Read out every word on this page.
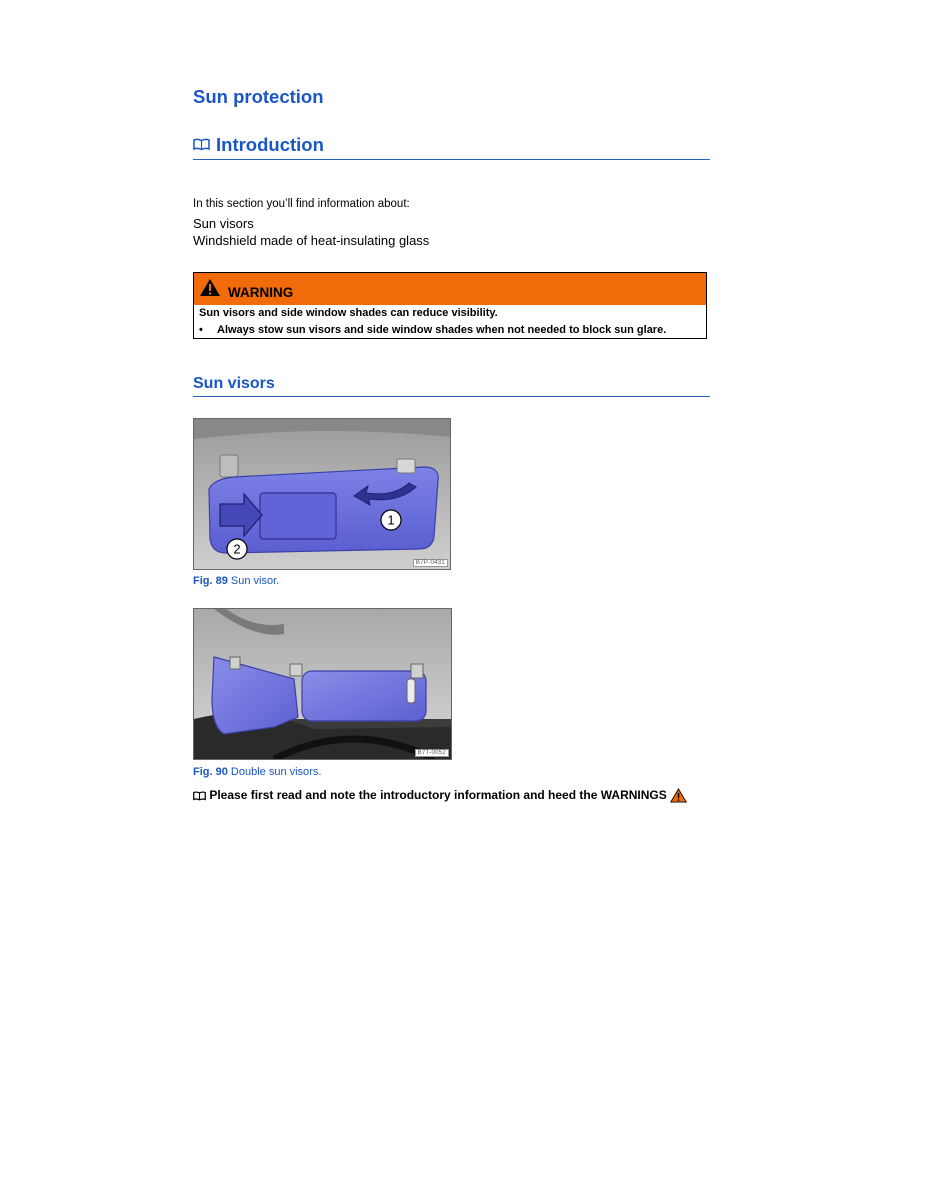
Sun protection
Introduction
In this section you’ll find information about:
Sun visors
Windshield made of heat-insulating glass
WARNING
Sun visors and side window shades can reduce visibility.
• Always stow sun visors and side window shades when not needed to block sun glare.
Sun visors
1
2
B7P-0431
Fig. 89 Sun visor.
B7T-0052
Fig. 90 Double sun visors.
Please first read and note the introductory information and heed the WARNINGS
